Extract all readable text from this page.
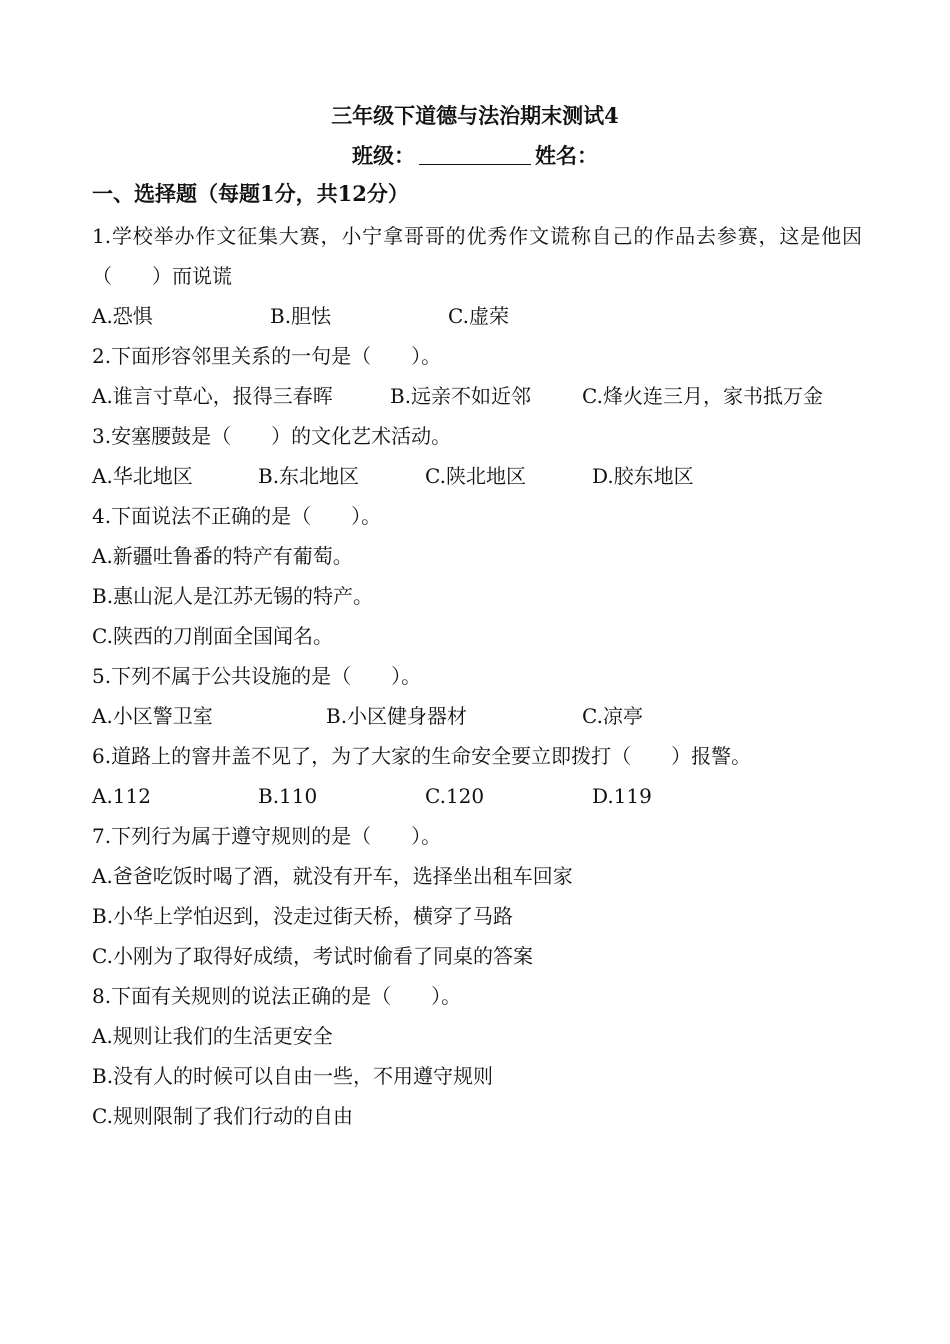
三年级下道德与法治期末测试4
班级：	姓名：
一、选择题（每题1分，共12分）
1.学校举办作文征集大赛，小宁拿哥哥的优秀作文谎称自己的作品去参赛，这是他因（　　）而说谎
A.恐惧	B.胆怯	C.虚荣
2.下面形容邻里关系的一句是（　　）。
A.谁言寸草心，报得三春晖	B.远亲不如近邻	C.烽火连三月，家书抵万金
3.安塞腰鼓是（　　）的文化艺术活动。
A.华北地区	B.东北地区	C.陕北地区	D.胶东地区
4.下面说法不正确的是（　　）。
A.新疆吐鲁番的特产有葡萄。
B.惠山泥人是江苏无锡的特产。
C.陕西的刀削面全国闻名。
5.下列不属于公共设施的是（　　）。
A.小区警卫室	B.小区健身器材	C.凉亭
6.道路上的窨井盖不见了，为了大家的生命安全要立即拨打（　　）报警。
A.112	B.110	C.120	D.119
7.下列行为属于遵守规则的是（　　）。
A.爸爸吃饭时喝了酒，就没有开车，选择坐出租车回家
B.小华上学怕迟到，没走过街天桥，横穿了马路
C.小刚为了取得好成绩，考试时偷看了同桌的答案
8.下面有关规则的说法正确的是（　　）。
A.规则让我们的生活更安全
B.没有人的时候可以自由一些，不用遵守规则
C.规则限制了我们行动的自由
